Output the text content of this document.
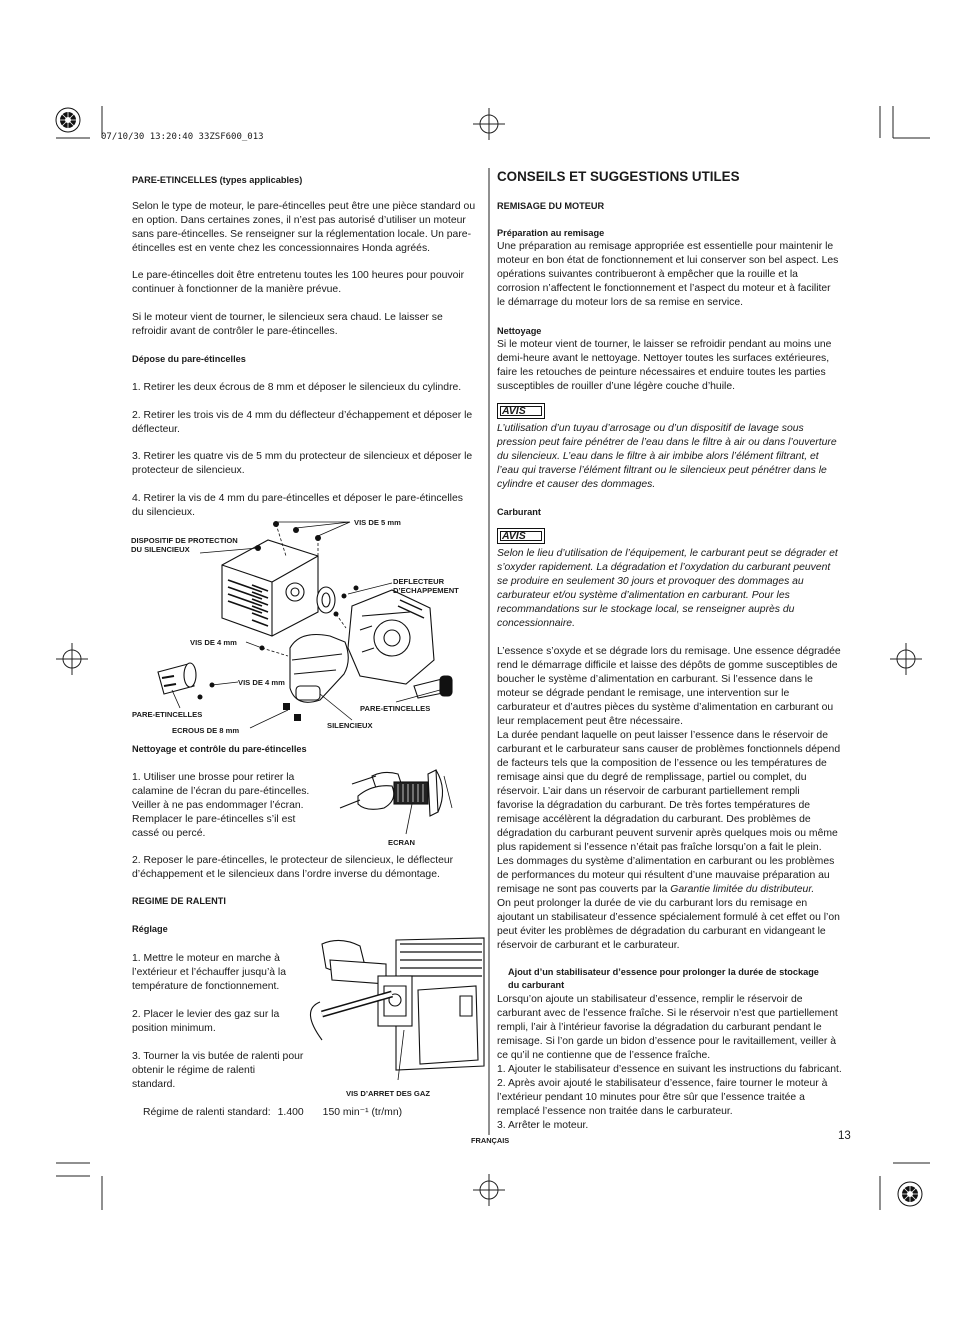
07/10/30 13:20:40 33ZSF600_013
PARE-ETINCELLES (types applicables)
Selon le type de moteur, le pare-étincelles peut être une pièce standard ou
en option. Dans certaines zones, il n’est pas autorisé d’utiliser un moteur
sans pare-étincelles. Se renseigner sur la réglementation locale. Un pare-
étincelles est en vente chez les concessionnaires Honda agréés.
Le pare-étincelles doit être entretenu toutes les 100 heures pour pouvoir
continuer à fonctionner de la manière prévue.
Si le moteur vient de tourner, le silencieux sera chaud. Le laisser se
refroidir avant de contrôler le pare-étincelles.
Dépose du pare-étincelles
1. Retirer les deux écrous de 8 mm et déposer le silencieux du cylindre.
2. Retirer les trois vis de 4 mm du déflecteur d’échappement et déposer le
déflecteur.
3. Retirer les quatre vis de 5 mm du protecteur de silencieux et déposer le
protecteur de silencieux.
4. Retirer la vis de 4 mm du pare-étincelles et déposer le pare-étincelles
du silencieux.
VIS DE 5 mm
DISPOSITIF DE PROTECTION
DU SILENCIEUX
DEFLECTEUR
D’ECHAPPEMENT
VIS DE 4 mm
VIS DE 4 mm
PARE-ETINCELLES
PARE-ETINCELLES
ECROUS DE 8 mm
SILENCIEUX
Nettoyage et contrôle du pare-étincelles
1. Utiliser une brosse pour retirer la
calamine de l’écran du pare-étincelles.
Veiller à ne pas endommager l’écran.
Remplacer le pare-étincelles s’il est
cassé ou percé.
ECRAN
2. Reposer le pare-étincelles, le protecteur de silencieux, le déflecteur
d’échappement et le silencieux dans l’ordre inverse du démontage.
REGIME DE RALENTI
Réglage
1. Mettre le moteur en marche à
l’extérieur et l’échauffer jusqu’à la
température de fonctionnement.
2. Placer le levier des gaz sur la
position minimum.
3. Tourner la vis butée de ralenti pour
obtenir le régime de ralenti
standard.
VIS D’ARRET DES GAZ
Régime de ralenti standard: 1.400 150 min⁻¹ (tr/mn)
CONSEILS ET SUGGESTIONS UTILES
REMISAGE DU MOTEUR
Préparation au remisage
Une préparation au remisage appropriée est essentielle pour maintenir le
moteur en bon état de fonctionnement et lui conserver son bel aspect. Les
opérations suivantes contribueront à empêcher que la rouille et la
corrosion n’affectent le fonctionnement et l’aspect du moteur et à faciliter
le démarrage du moteur lors de sa remise en service.
Nettoyage
Si le moteur vient de tourner, le laisser se refroidir pendant au moins une
demi-heure avant le nettoyage. Nettoyer toutes les surfaces extérieures,
faire les retouches de peinture nécessaires et enduire toutes les parties
susceptibles de rouiller d’une légère couche d’huile.
AVIS
L’utilisation d’un tuyau d’arrosage ou d’un dispositif de lavage sous
pression peut faire pénétrer de l’eau dans le filtre à air ou dans l’ouverture
du silencieux. L’eau dans le filtre à air imbibe alors l’élément filtrant, et
l’eau qui traverse l’élément filtrant ou le silencieux peut pénétrer dans le
cylindre et causer des dommages.
Carburant
AVIS
Selon le lieu d’utilisation de l’équipement, le carburant peut se dégrader et
s’oxyder rapidement. La dégradation et l’oxydation du carburant peuvent
se produire en seulement 30 jours et provoquer des dommages au
carburateur et/ou système d’alimentation en carburant. Pour les
recommandations sur le stockage local, se renseigner auprès du
concessionnaire.
L’essence s’oxyde et se dégrade lors du remisage. Une essence dégradée
rend le démarrage difficile et laisse des dépôts de gomme susceptibles de
boucher le système d’alimentation en carburant. Si l’essence dans le
moteur se dégrade pendant le remisage, une intervention sur le
carburateur et d’autres pièces du système d’alimentation en carburant ou
leur remplacement peut être nécessaire.
La durée pendant laquelle on peut laisser l’essence dans le réservoir de
carburant et le carburateur sans causer de problèmes fonctionnels dépend
de facteurs tels que la composition de l’essence ou les températures de
remisage ainsi que du degré de remplissage, partiel ou complet, du
réservoir. L’air dans un réservoir de carburant partiellement rempli
favorise la dégradation du carburant. De très fortes températures de
remisage accélèrent la dégradation du carburant. Des problèmes de
dégradation du carburant peuvent survenir après quelques mois ou même
plus rapidement si l’essence n’était pas fraîche lorsqu’on a fait le plein.
Les dommages du système d’alimentation en carburant ou les problèmes
de performances du moteur qui résultent d’une mauvaise préparation au
remisage ne sont pas couverts par la Garantie limitée du distributeur.
On peut prolonger la durée de vie du carburant lors du remisage en
ajoutant un stabilisateur d’essence spécialement formulé à cet effet ou l’on
peut éviter les problèmes de dégradation du carburant en vidangeant le
réservoir de carburant et le carburateur.
Ajout d’un stabilisateur d’essence pour prolonger la durée de stockage
du carburant
Lorsqu’on ajoute un stabilisateur d’essence, remplir le réservoir de
carburant avec de l’essence fraîche. Si le réservoir n’est que partiellement
rempli, l’air à l’intérieur favorise la dégradation du carburant pendant le
remisage. Si l’on garde un bidon d’essence pour le ravitaillement, veiller à
ce qu’il ne contienne que de l’essence fraîche.
1. Ajouter le stabilisateur d’essence en suivant les instructions du fabricant.
2. Après avoir ajouté le stabilisateur d’essence, faire tourner le moteur à
l’extérieur pendant 10 minutes pour être sûr que l’essence traitée a
remplacé l’essence non traitée dans le carburateur.
3. Arrêter le moteur.
FRANÇAIS	13
